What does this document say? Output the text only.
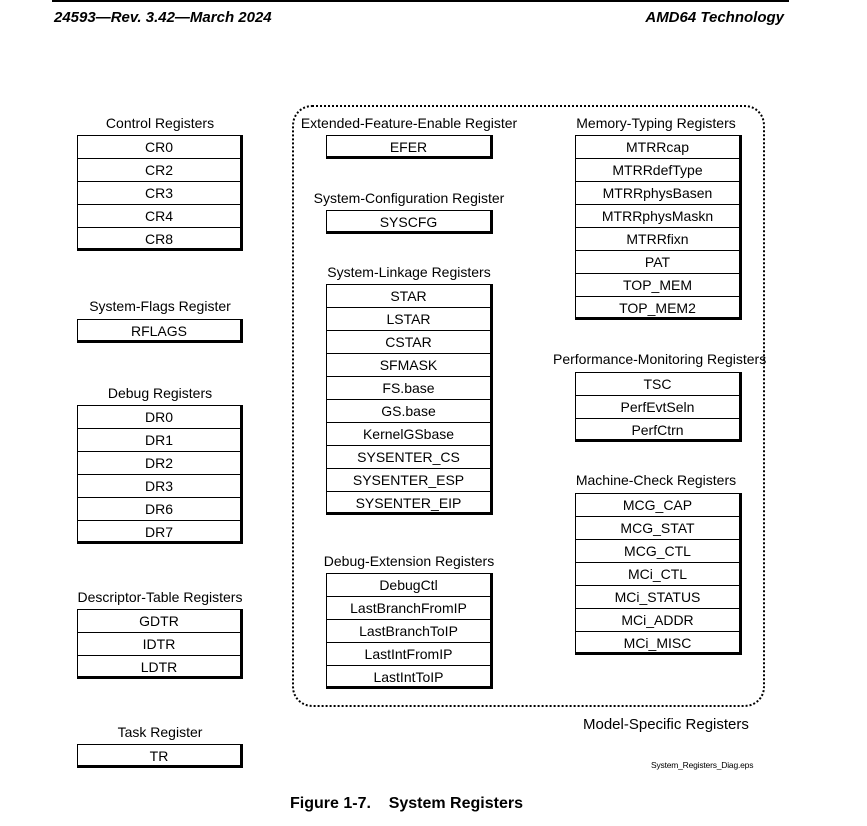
24593—Rev. 3.42—March 2024	AMD64 Technology
Model-Specific Registers
Control Registers
CR0
CR2
CR3
CR4
CR8
System-Flags Register
RFLAGS
Debug Registers
DR0
DR1
DR2
DR3
DR6
DR7
Descriptor-Table Registers
GDTR
IDTR
LDTR
Task Register
TR
Extended-Feature-Enable Register
EFER
System-Configuration Register
SYSCFG
System-Linkage Registers
STAR
LSTAR
CSTAR
SFMASK
FS.base
GS.base
KernelGSbase
SYSENTER_CS
SYSENTER_ESP
SYSENTER_EIP
Debug-Extension Registers
DebugCtl
LastBranchFromIP
LastBranchToIP
LastIntFromIP
LastIntToIP
Memory-Typing Registers
MTRRcap
MTRRdefType
MTRRphysBasen
MTRRphysMaskn
MTRRfixn
PAT
TOP_MEM
TOP_MEM2
Performance-Monitoring Registers
TSC
PerfEvtSeln
PerfCtrn
Machine-Check Registers
MCG_CAP
MCG_STAT
MCG_CTL
MCi_CTL
MCi_STATUS
MCi_ADDR
MCi_MISC
System_Registers_Diag.eps
Figure 1-7.    System Registers
